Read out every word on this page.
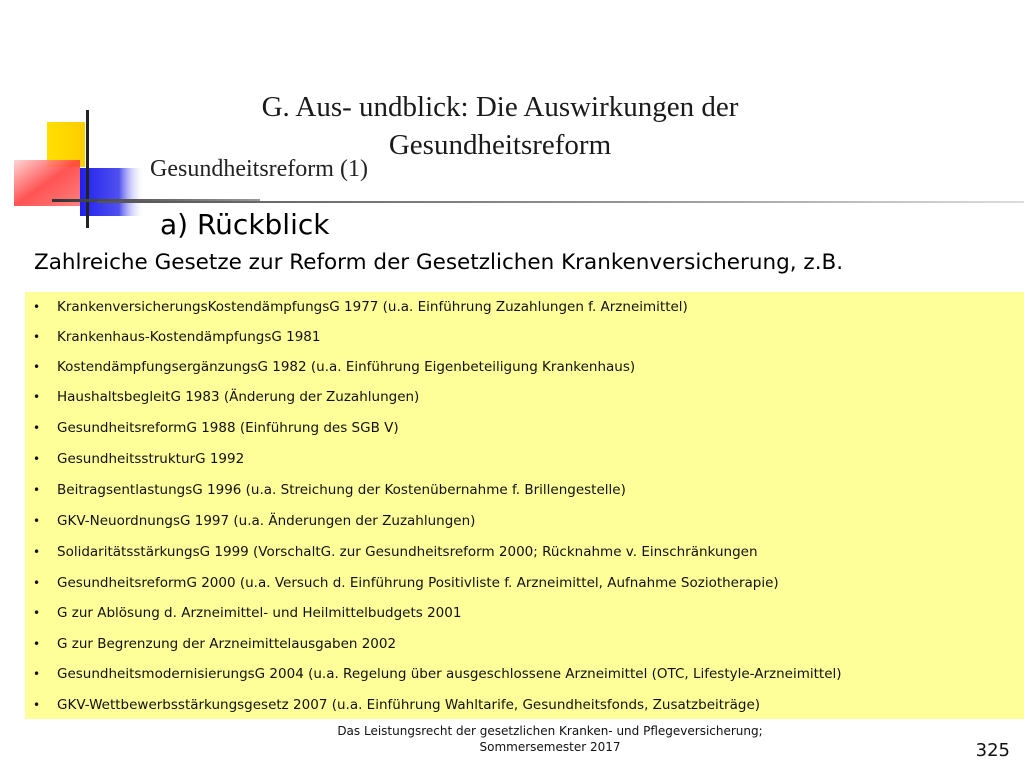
G. Aus- undblick: Die Auswirkungen der
Gesundheitsreform
Gesundheitsreform (1)
a) Rückblick
Zahlreiche Gesetze zur Reform der Gesetzlichen Krankenversicherung, z.B.
• KrankenversicherungsKostendämpfungsG 1977 (u.a. Einführung Zuzahlungen f. Arzneimittel)
• Krankenhaus-KostendämpfungsG 1981
• KostendämpfungsergänzungsG 1982 (u.a. Einführung Eigenbeteiligung Krankenhaus)
• HaushaltsbegleitG 1983 (Änderung der Zuzahlungen)
• GesundheitsreformG 1988 (Einführung des SGB V)
• GesundheitsstrukturG 1992
• BeitragsentlastungsG 1996 (u.a. Streichung der Kostenübernahme f. Brillengestelle)
• GKV-NeuordnungsG 1997 (u.a. Änderungen der Zuzahlungen)
• SolidaritätsstärkungsG 1999 (VorschaltG. zur Gesundheitsreform 2000; Rücknahme v. Einschränkungen
• GesundheitsreformG 2000 (u.a. Versuch d. Einführung Positivliste f. Arzneimittel, Aufnahme Soziotherapie)
• G zur Ablösung d. Arzneimittel- und Heilmittelbudgets 2001
• G zur Begrenzung der Arzneimittelausgaben 2002
• GesundheitsmodernisierungsG 2004 (u.a. Regelung über ausgeschlossene Arzneimittel (OTC, Lifestyle-Arzneimittel)
• GKV-Wettbewerbsstärkungsgesetz 2007 (u.a. Einführung Wahltarife, Gesundheitsfonds, Zusatzbeiträge)
Das Leistungsrecht der gesetzlichen Kranken- und Pflegeversicherung;
Sommersemester 2017	325
